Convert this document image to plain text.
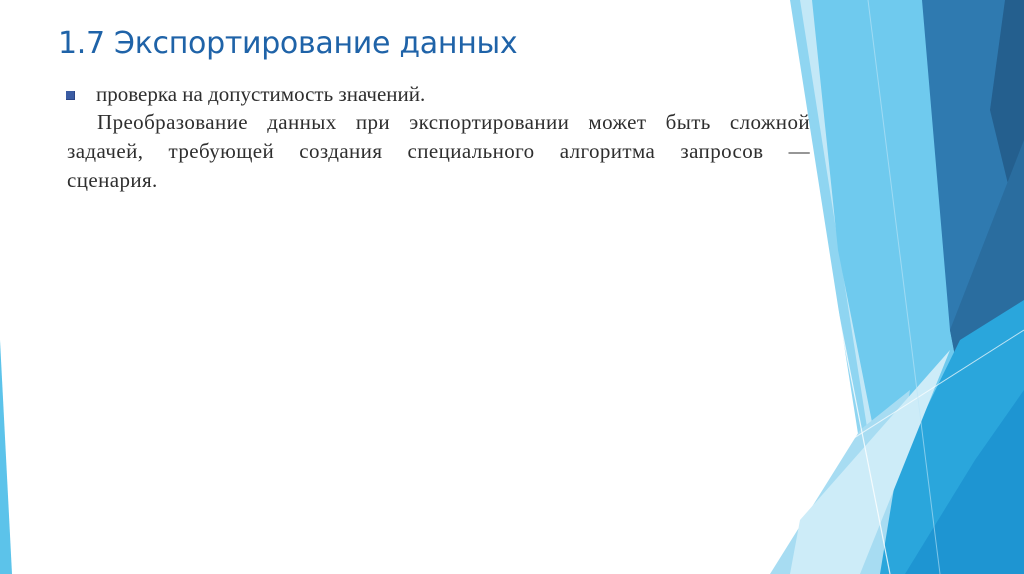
1.7 Экспортирование данных
проверка на допустимость значений.

Преобразование данных при экспортировании может быть сложной задачей, требующей создания специального алгоритма запросов — сценария.
